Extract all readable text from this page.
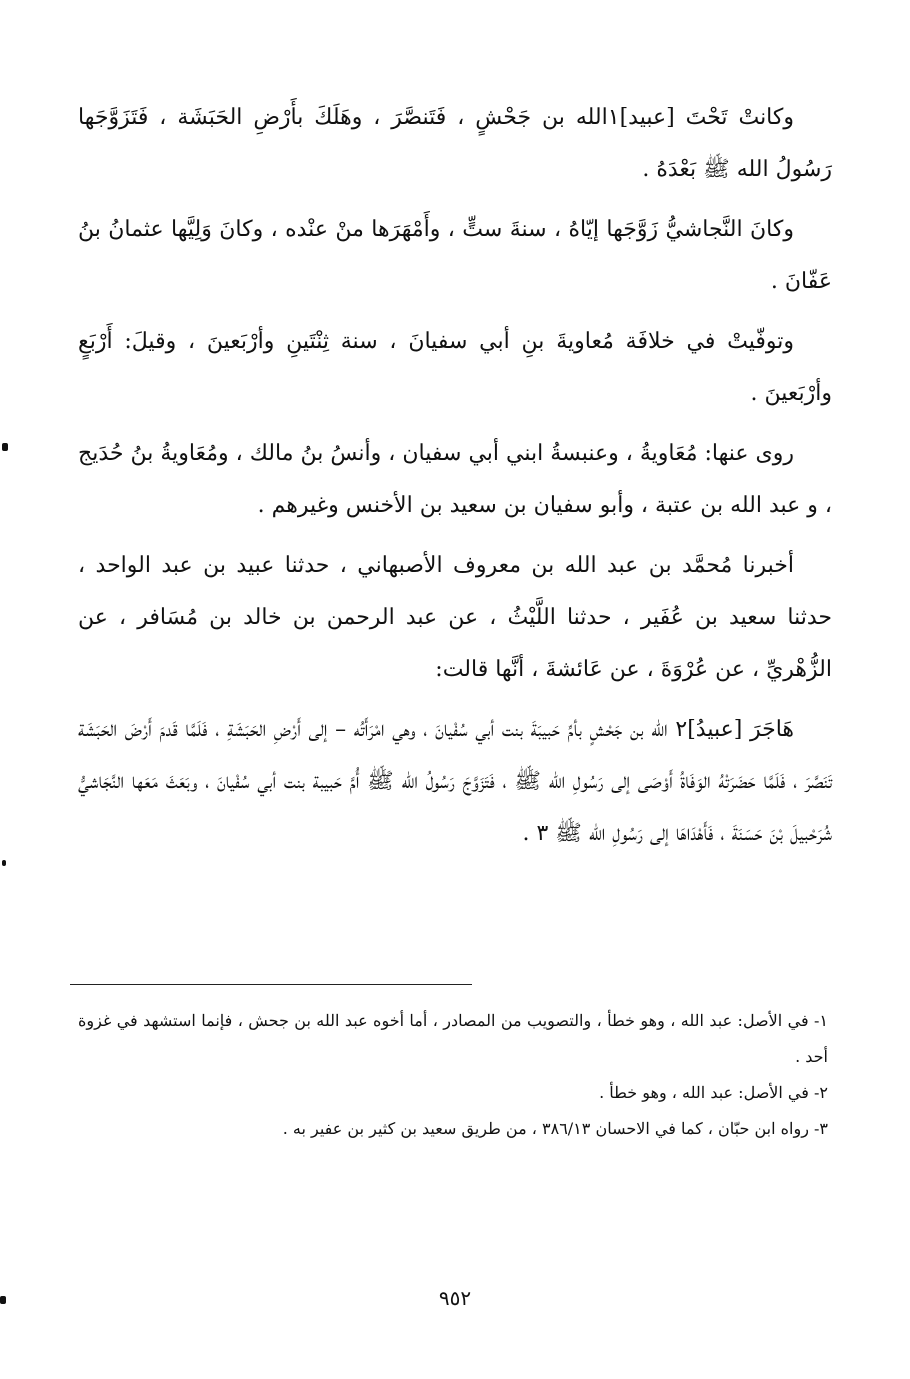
وكانتْ تَحْتَ [عبيد]١الله بن جَحْشٍ ، فَتَنصَّرَ ، وهَلَكَ بأَرْضِ الحَبَشَة ، فَتَزَوَّجَها رَسُولُ الله ﷺ بَعْدَهُ .

وكانَ النَّجاشيُّ زَوَّجَها إيّاهُ ، سنةَ ستٍّ ، وأَمْهَرَها منْ عنْده ، وكانَ وَلِيَّها عثمانُ بنُ عَفّانَ .

وتوفّيتْ في خلافَة مُعاويةَ بنِ أبي سفيانَ ، سنة ثِنْتَينِ وأرْبَعينَ ، وقيلَ: أَرْبَعٍ وأرْبَعينَ .

روى عنها: مُعَاويةُ ، وعنبسةُ ابني أبي سفيان ، وأنسُ بنُ مالك ، ومُعَاويةُ بنُ حُدَيج ، و عبد الله بن عتبة ، وأبو سفيان بن سعيد بن الأخنس وغيرهم .

أخبرنا مُحمَّد بن عبد الله بن معروف الأصبهاني ، حدثنا عبيد بن عبد الواحد ، حدثنا سعيد بن عُفَير ، حدثنا اللَّيْثُ ، عن عبد الرحمن بن خالد بن مُسَافر ، عن الزُّهْريِّ ، عن عُرْوَةَ ، عن عَائشةَ ، أنَّها قالت:

هَاجَرَ [عبيدُ]٢ الله بن جَحْشٍ بأمِّ حَبيبَةَ بنت أبي سُفْيانَ ، وهي امْرَأَتُه – إلى أَرْضِ الحَبَشَةِ ، فَلَمَّا قَدمَ أَرْضَ الحَبَشَة تَنَصَّرَ ، فَلَمَّا حَضَرَتْهُ الوَفَاةُ أَوْصَى إلى رَسُولِ الله ﷺ ، فَتَزَوَّجَ رَسُولُ الله ﷺ أُمَّ حَبيبة بنت أبي سُفْيانَ ، وبَعَثَ مَعَها النَّجَاشيُّ شُرَحْبيلَ بْنَ حَسَنَةَ ، فَأَهْدَاهَا إلى رَسُولِ الله ﷺ ٣ .

١- في الأصل: عبد الله ، وهو خطأ ، والتصويب من المصادر ، أما أخوه عبد الله بن جحش ، فإنما استشهد في غزوة أحد .

٢- في الأصل: عبد الله ، وهو خطأ .

٣- رواه ابن حبّان ، كما في الاحسان ٣٨٦/١٣ ، من طريق سعيد بن كثير بن عفير به .

٩٥٢
